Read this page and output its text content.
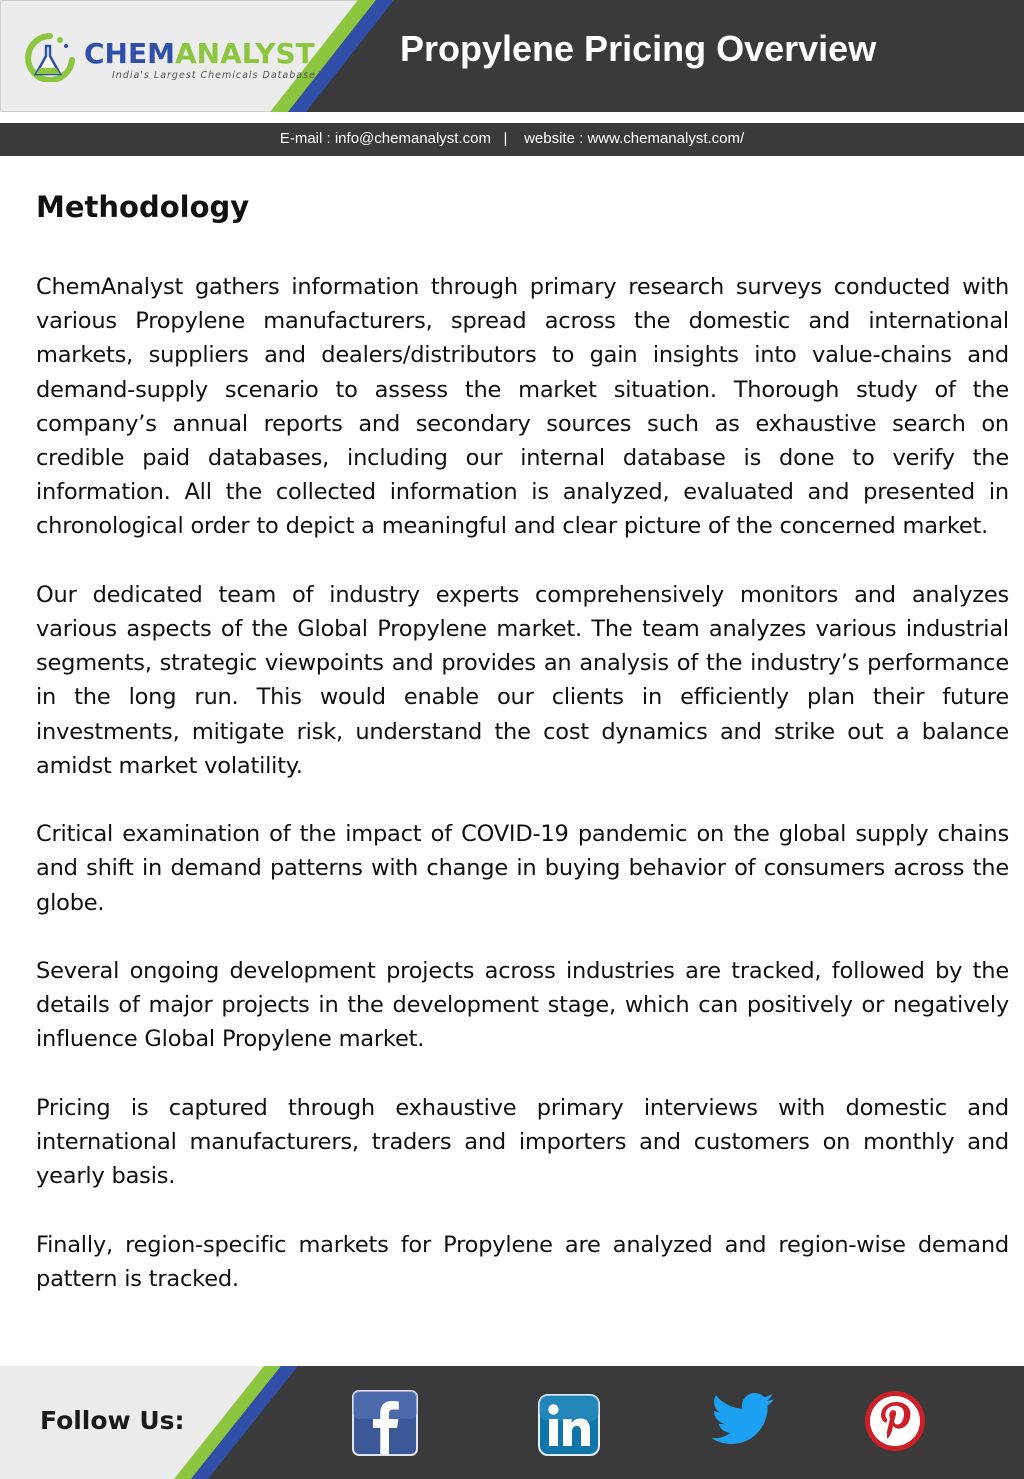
CHEMANALYST
India's Largest Chemicals Database
Propylene Pricing Overview
E-mail : info@chemanalyst.com | website : www.chemanalyst.com/
Methodology

ChemAnalyst gathers information through primary research surveys conducted with various Propylene manufacturers, spread across the domestic and international markets, suppliers and dealers/distributors to gain insights into value-chains and demand-supply scenario to assess the market situation. Thorough study of the company’s annual reports and secondary sources such as exhaustive search on credible paid databases, including our internal database is done to verify the information. All the collected information is analyzed, evaluated and presented in chronological order to depict a meaningful and clear picture of the concerned market.

Our dedicated team of industry experts comprehensively monitors and analyzes various aspects of the Global Propylene market. The team analyzes various industrial segments, strategic viewpoints and provides an analysis of the industry’s performance in the long run. This would enable our clients in efficiently plan their future investments, mitigate risk, understand the cost dynamics and strike out a balance amidst market volatility.

Critical examination of the impact of COVID-19 pandemic on the global supply chains and shift in demand patterns with change in buying behavior of consumers across the globe.

Several ongoing development projects across industries are tracked, followed by the details of major projects in the development stage, which can positively or negatively influence Global Propylene market.

Pricing is captured through exhaustive primary interviews with domestic and international manufacturers, traders and importers and customers on monthly and yearly basis.

Finally, region-specific markets for Propylene are analyzed and region-wise demand pattern is tracked.

Follow Us:
